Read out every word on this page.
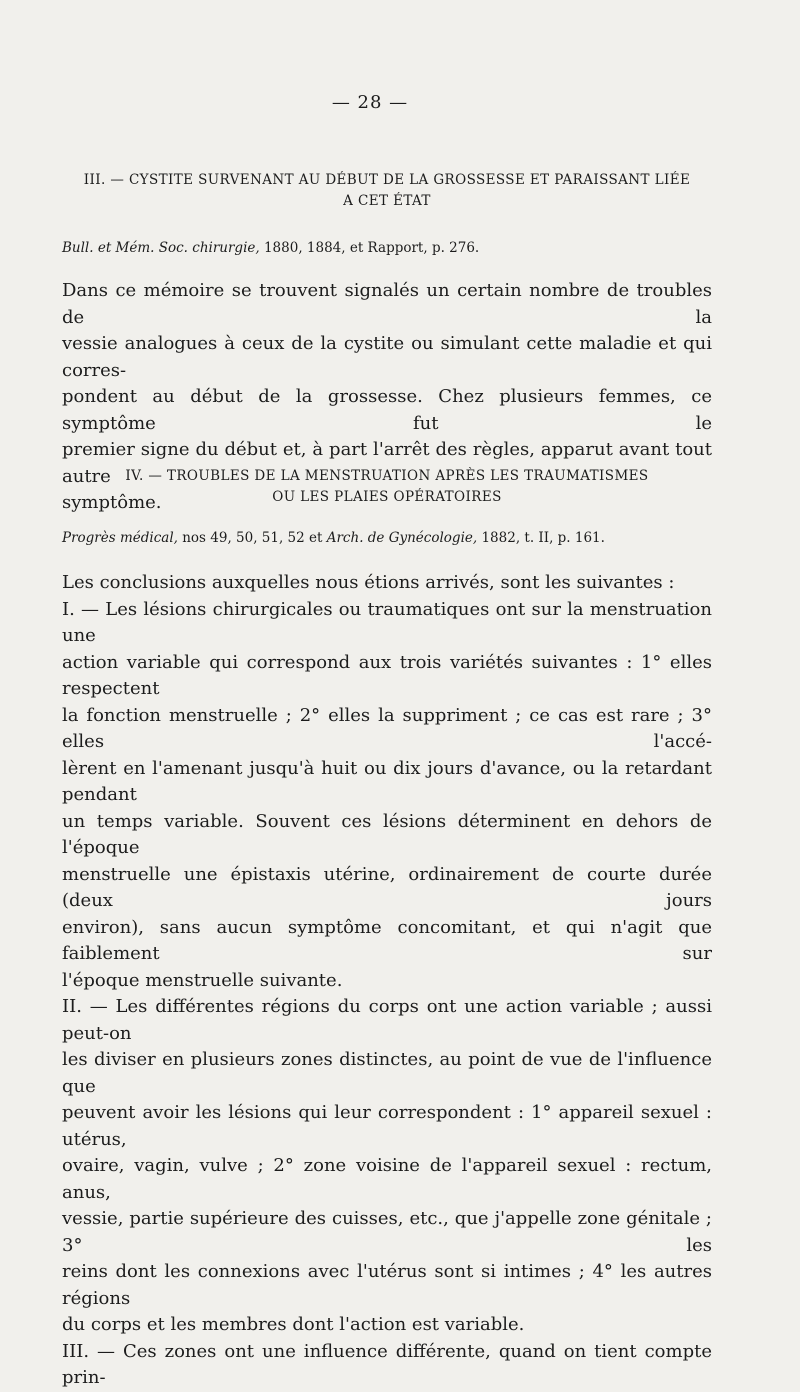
— 28 —

III. — CYSTITE SURVENANT AU DÉBUT DE LA GROSSESSE ET PARAISSANT LIÉE
A CET ÉTAT

Bull. et Mém. Soc. chirurgie, 1880, 1884, et Rapport, p. 276.

Dans ce mémoire se trouvent signalés un certain nombre de troubles de la
vessie analogues à ceux de la cystite ou simulant cette maladie et qui corres-
pondent au début de la grossesse. Chez plusieurs femmes, ce symptôme fut le
premier signe du début et, à part l'arrêt des règles, apparut avant tout autre
symptôme.

IV. — TROUBLES DE LA MENSTRUATION APRÈS LES TRAUMATISMES
OU LES PLAIES OPÉRATOIRES

Progrès médical, nos 49, 50, 51, 52 et Arch. de Gynécologie, 1882, t. II, p. 161.

Les conclusions auxquelles nous étions arrivés, sont les suivantes :
I. — Les lésions chirurgicales ou traumatiques ont sur la menstruation une
action variable qui correspond aux trois variétés suivantes : 1° elles respectent
la fonction menstruelle ; 2° elles la suppriment ; ce cas est rare ; 3° elles l'accé-
lèrent en l'amenant jusqu'à huit ou dix jours d'avance, ou la retardant pendant
un temps variable. Souvent ces lésions déterminent en dehors de l'époque
menstruelle une épistaxis utérine, ordinairement de courte durée (deux jours
environ), sans aucun symptôme concomitant, et qui n'agit que faiblement sur
l'époque menstruelle suivante.
II. — Les différentes régions du corps ont une action variable ; aussi peut-on
les diviser en plusieurs zones distinctes, au point de vue de l'influence que
peuvent avoir les lésions qui leur correspondent : 1° appareil sexuel : utérus,
ovaire, vagin, vulve ; 2° zone voisine de l'appareil sexuel : rectum, anus,
vessie, partie supérieure des cuisses, etc., que j'appelle zone génitale ; 3° les
reins dont les connexions avec l'utérus sont si intimes ; 4° les autres régions
du corps et les membres dont l'action est variable.
III. — Ces zones ont une influence différente, quand on tient compte prin-
